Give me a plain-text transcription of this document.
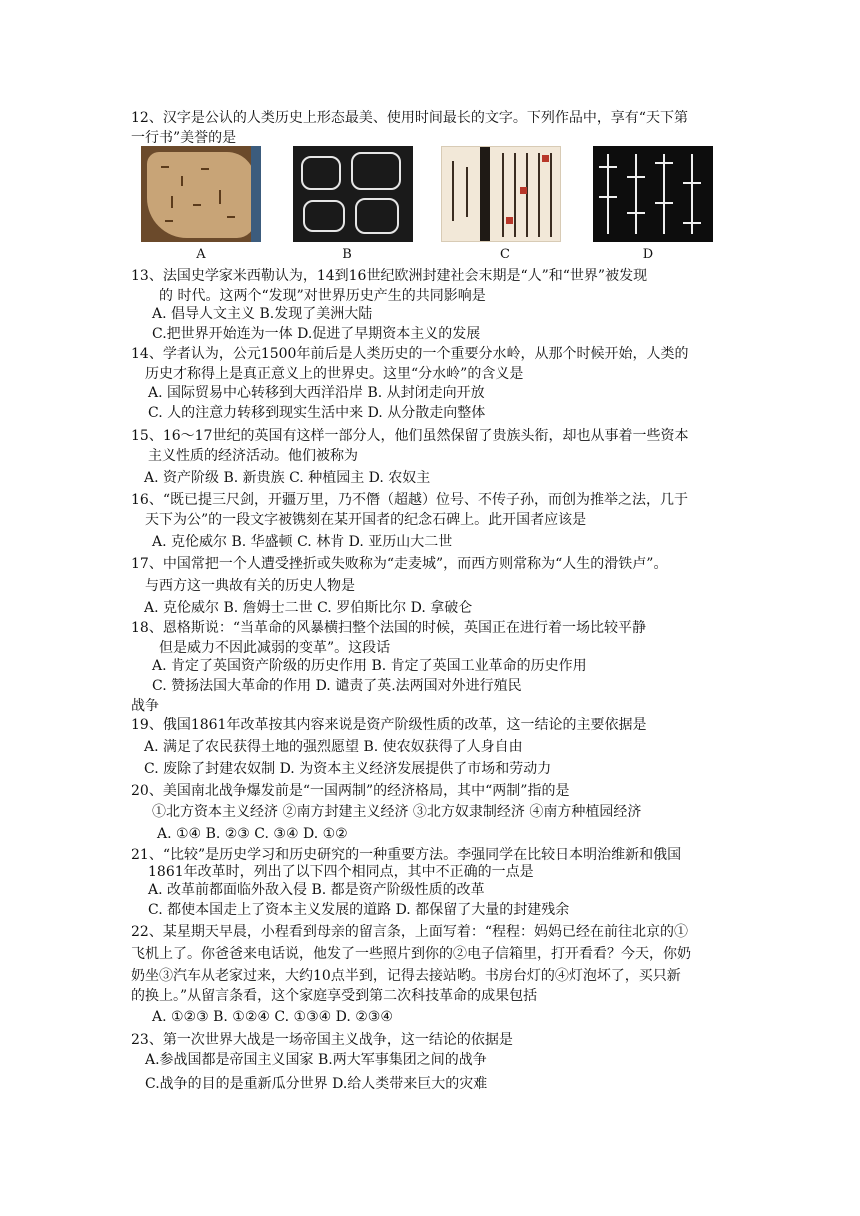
12、汉字是公认的人类历史上形态最美、使用时间最长的文字。下列作品中，享有“天下第
一行书”美誉的是
13、法国史学家米西勒认为，14到16世纪欧洲封建社会末期是“人”和“世界”被发现
的 时代。这两个“发现”对世界历史产生的共同影响是
A. 倡导人文主义 B.发现了美洲大陆
C.把世界开始连为一体 D.促进了早期资本主义的发展
14、学者认为，公元1500年前后是人类历史的一个重要分水岭，从那个时候开始，人类的
历史才称得上是真正意义上的世界史。这里“分水岭”的含义是
A. 国际贸易中心转移到大西洋沿岸 B. 从封闭走向开放
C. 人的注意力转移到现实生活中来 D. 从分散走向整体
15、16～17世纪的英国有这样一部分人，他们虽然保留了贵族头衔，却也从事着一些资本
主义性质的经济活动。他们被称为
A. 资产阶级 B. 新贵族 C. 种植园主 D. 农奴主
16、“既已提三尺剑，开疆万里，乃不僭（超越）位号、不传子孙，而创为推举之法，几于
天下为公”的一段文字被镌刻在某开国者的纪念石碑上。此开国者应该是
A. 克伦威尔 B. 华盛顿 C. 林肯 D. 亚历山大二世
17、中国常把一个人遭受挫折或失败称为“走麦城”，而西方则常称为“人生的滑铁卢”。
与西方这一典故有关的历史人物是
A. 克伦威尔 B. 詹姆士二世 C. 罗伯斯比尔 D. 拿破仑
18、恩格斯说：“当革命的风暴横扫整个法国的时候，英国正在进行着一场比较平静
但是威力不因此减弱的变革”。这段话
A. 肯定了英国资产阶级的历史作用 B. 肯定了英国工业革命的历史作用
C. 赞扬法国大革命的作用 D. 谴责了英.法两国对外进行殖民
战争
19、俄国1861年改革按其内容来说是资产阶级性质的改革，这一结论的主要依据是
A. 满足了农民获得土地的强烈愿望 B. 使农奴获得了人身自由
C. 废除了封建农奴制 D. 为资本主义经济发展提供了市场和劳动力
20、美国南北战争爆发前是“一国两制”的经济格局，其中“两制”指的是
①北方资本主义经济 ②南方封建主义经济 ③北方奴隶制经济 ④南方种植园经济
A. ①④ B. ②③ C. ③④ D. ①②
21、“比较”是历史学习和历史研究的一种重要方法。李强同学在比较日本明治维新和俄国
1861年改革时，列出了以下四个相同点，其中不正确的一点是
A. 改革前都面临外敌入侵 B. 都是资产阶级性质的改革
C. 都使本国走上了资本主义发展的道路 D. 都保留了大量的封建残余
22、某星期天早晨，小程看到母亲的留言条，上面写着：“程程：妈妈已经在前往北京的①
飞机上了。你爸爸来电话说，他发了一些照片到你的②电子信箱里，打开看看？今天，你奶
奶坐③汽车从老家过来，大约10点半到，记得去接站哟。书房台灯的④灯泡坏了，买只新
的换上。”从留言条看，这个家庭享受到第二次科技革命的成果包括
A. ①②③ B. ①②④ C. ①③④ D. ②③④
23、第一次世界大战是一场帝国主义战争，这一结论的依据是
A.参战国都是帝国主义国家 B.两大军事集团之间的战争
C.战争的目的是重新瓜分世界 D.给人类带来巨大的灾难
A	B	C	D
